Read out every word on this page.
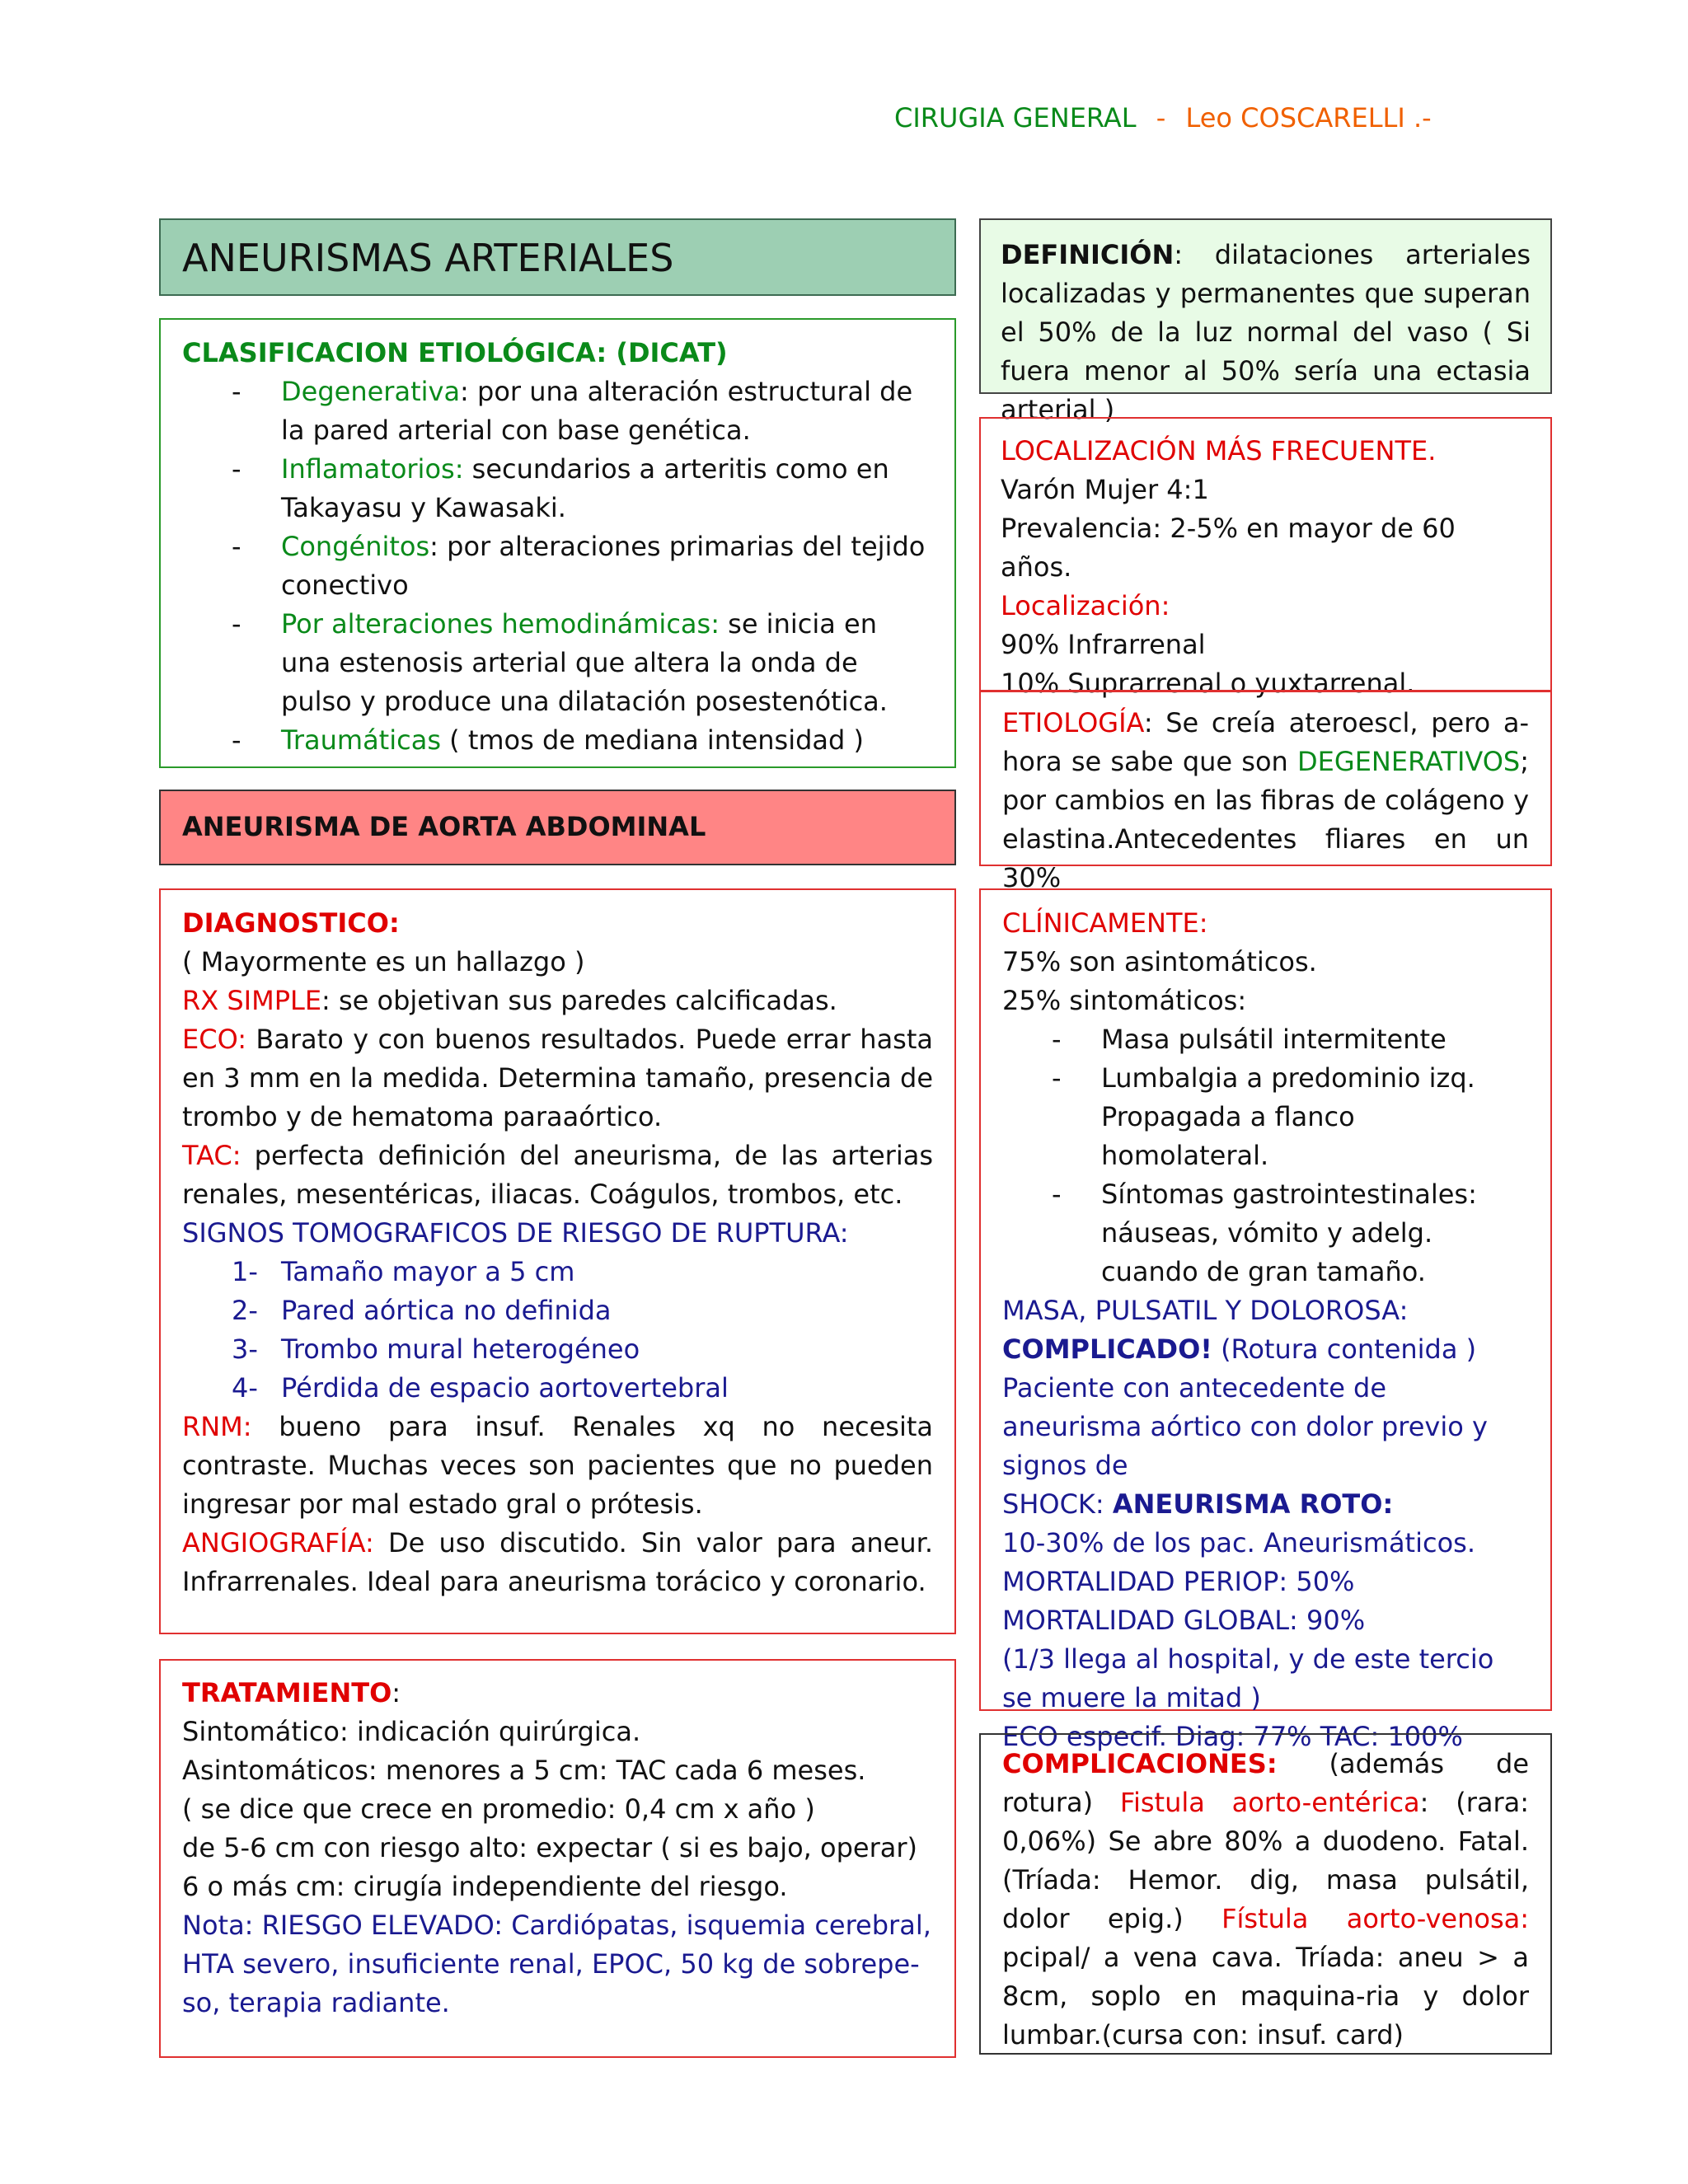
CIRUGIA GENERAL - Leo COSCARELLI .-
ANEURISMAS ARTERIALES	DEFINICIÓN: dilataciones arteriales localizadas y permanentes que superan el 50% de la luz normal del vaso ( Si fuera menor al 50% sería una ectasia arterial )
CLASIFICACION ETIOLÓGICA: (DICAT)
- Degenerativa: por una alteración estructural de la pared arterial con base genética.
- Inflamatorios: secundarios a arteritis como en Takayasu y Kawasaki.
- Congénitos: por alteraciones primarias del tejido conectivo
- Por alteraciones hemodinámicas: se inicia en una estenosis arterial que altera la onda de pulso y produce una dilatación posestenótica.
- Traumáticas ( tmos de mediana intensidad )
LOCALIZACIÓN MÁS FRECUENTE.
Varón Mujer 4:1
Prevalencia: 2-5% en mayor de 60 años.
Localización:
90% Infrarrenal
10% Suprarrenal o yuxtarrenal.
ETIOLOGÍA: Se creía ateroescl, pero a-hora se sabe que son DEGENERATIVOS; por cambios en las fibras de colágeno y elastina.Antecedentes fliares en un 30%
ANEURISMA DE AORTA ABDOMINAL
DIAGNOSTICO:
( Mayormente es un hallazgo )
RX SIMPLE: se objetivan sus paredes calcificadas.
ECO: Barato y con buenos resultados. Puede errar hasta en 3 mm en la medida. Determina tamaño, presencia de trombo y de hematoma paraaórtico.
TAC: perfecta definición del aneurisma, de las arterias renales, mesentéricas, iliacas. Coágulos, trombos, etc.
SIGNOS TOMOGRAFICOS DE RIESGO DE RUPTURA:
1- Tamaño mayor a 5 cm
2- Pared aórtica no definida
3- Trombo mural heterogéneo
4- Pérdida de espacio aortovertebral
RNM: bueno para insuf. Renales xq no necesita contraste. Muchas veces son pacientes que no pueden ingresar por mal estado gral o prótesis.
ANGIOGRAFÍA: De uso discutido. Sin valor para aneur. Infrarrenales. Ideal para aneurisma torácico y coronario.
CLÍNICAMENTE:
75% son asintomáticos.
25% sintomáticos:
- Masa pulsátil intermitente
- Lumbalgia a predominio izq. Propagada a flanco homolateral.
- Síntomas gastrointestinales: náuseas, vómito y adelg. cuando de gran tamaño.
MASA, PULSATIL Y DOLOROSA:
COMPLICADO! (Rotura contenida )
Paciente con antecedente de aneurisma aórtico con dolor previo y signos de
SHOCK: ANEURISMA ROTO:
10-30% de los pac. Aneurismáticos.
MORTALIDAD PERIOP: 50%
MORTALIDAD GLOBAL: 90%
(1/3 llega al hospital, y de este tercio se muere la mitad )
ECO especif. Diag: 77% TAC: 100%
TRATAMIENTO:
Sintomático: indicación quirúrgica.
Asintomáticos: menores a 5 cm: TAC cada 6 meses.
( se dice que crece en promedio: 0,4 cm x año )
de 5-6 cm con riesgo alto: expectar ( si es bajo, operar)
6 o más cm: cirugía independiente del riesgo.
Nota: RIESGO ELEVADO: Cardiópatas, isquemia cerebral, HTA severo, insuficiente renal, EPOC, 50 kg de sobrepe-so, terapia radiante.
COMPLICACIONES: (además de rotura) Fistula aorto-entérica: (rara: 0,06%) Se abre 80% a duodeno. Fatal. (Tríada: Hemor. dig, masa pulsátil, dolor epig.) Fístula aorto-venosa: pcipal/ a vena cava. Tríada: aneu > a 8cm, soplo en maquina-ria y dolor lumbar.(cursa con: insuf. card)
